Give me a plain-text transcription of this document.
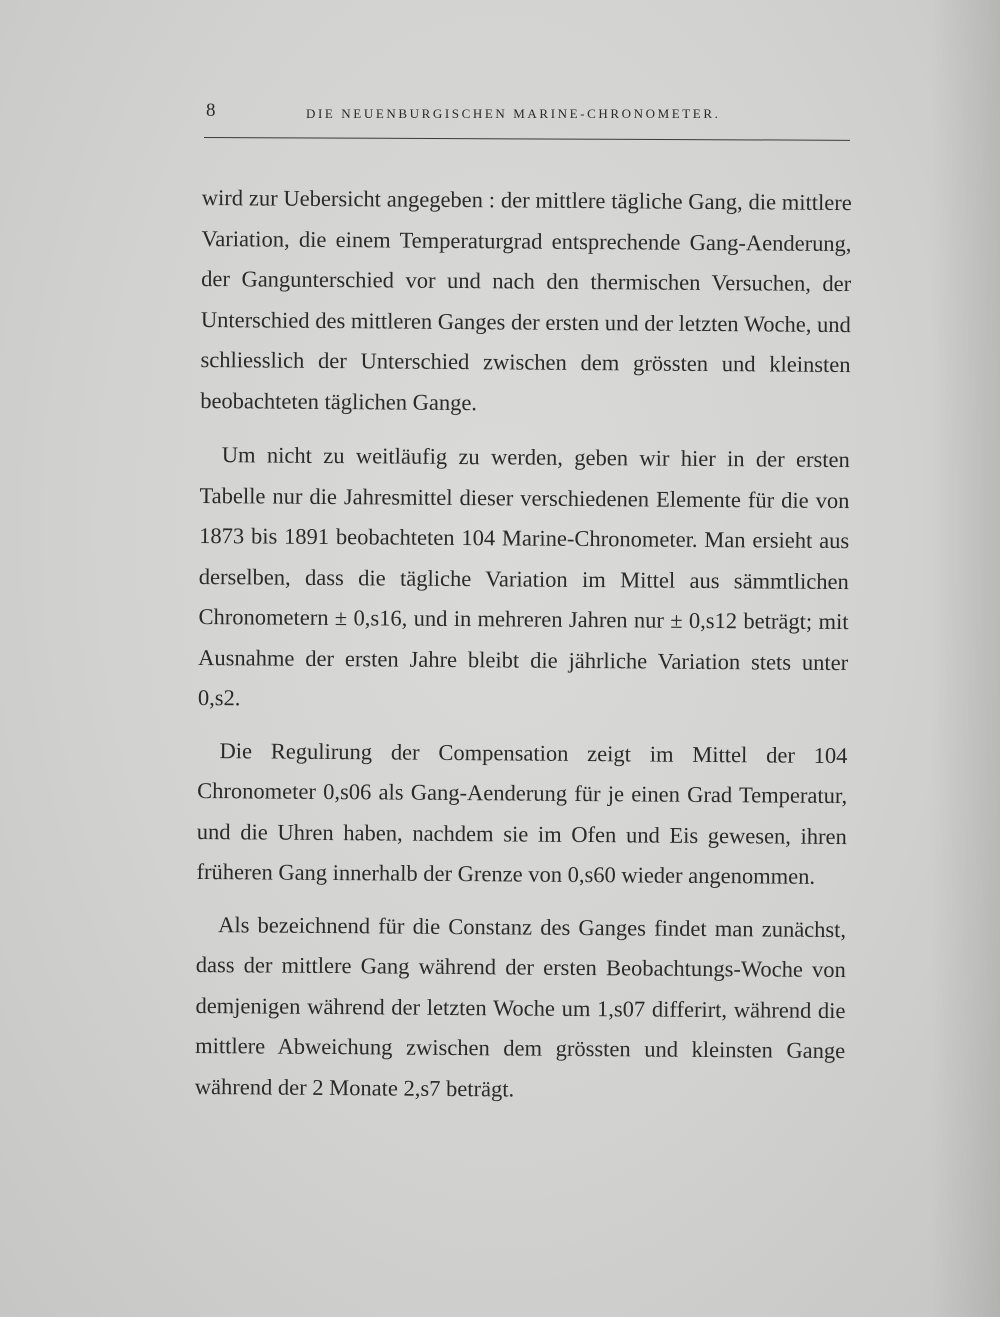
8	DIE NEUENBURGISCHEN MARINE-CHRONOMETER.

wird zur Uebersicht angegeben : der mittlere tägliche Gang, die mittlere Variation, die einem Temperaturgrad entsprechende Gang-Aenderung, der Gangunterschied vor und nach den thermischen Versuchen, der Unterschied des mittleren Ganges der ersten und der letzten Woche, und schliesslich der Unterschied zwischen dem grössten und kleinsten beobachteten täglichen Gange.

Um nicht zu weitläufig zu werden, geben wir hier in der ersten Tabelle nur die Jahresmittel dieser verschiedenen Elemente für die von 1873 bis 1891 beobachteten 104 Marine-Chronometer. Man ersieht aus derselben, dass die tägliche Variation im Mittel aus sämmtlichen Chronometern ± 0,s16, und in mehreren Jahren nur ± 0,s12 beträgt; mit Ausnahme der ersten Jahre bleibt die jährliche Variation stets unter 0,s2.

Die Regulirung der Compensation zeigt im Mittel der 104 Chronometer 0,s06 als Gang-Aenderung für je einen Grad Temperatur, und die Uhren haben, nachdem sie im Ofen und Eis gewesen, ihren früheren Gang innerhalb der Grenze von 0,s60 wieder angenommen.

Als bezeichnend für die Constanz des Ganges findet man zunächst, dass der mittlere Gang während der ersten Beobachtungs-Woche von demjenigen während der letzten Woche um 1,s07 differirt, während die mittlere Abweichung zwischen dem grössten und kleinsten Gange während der 2 Monate 2,s7 beträgt.
